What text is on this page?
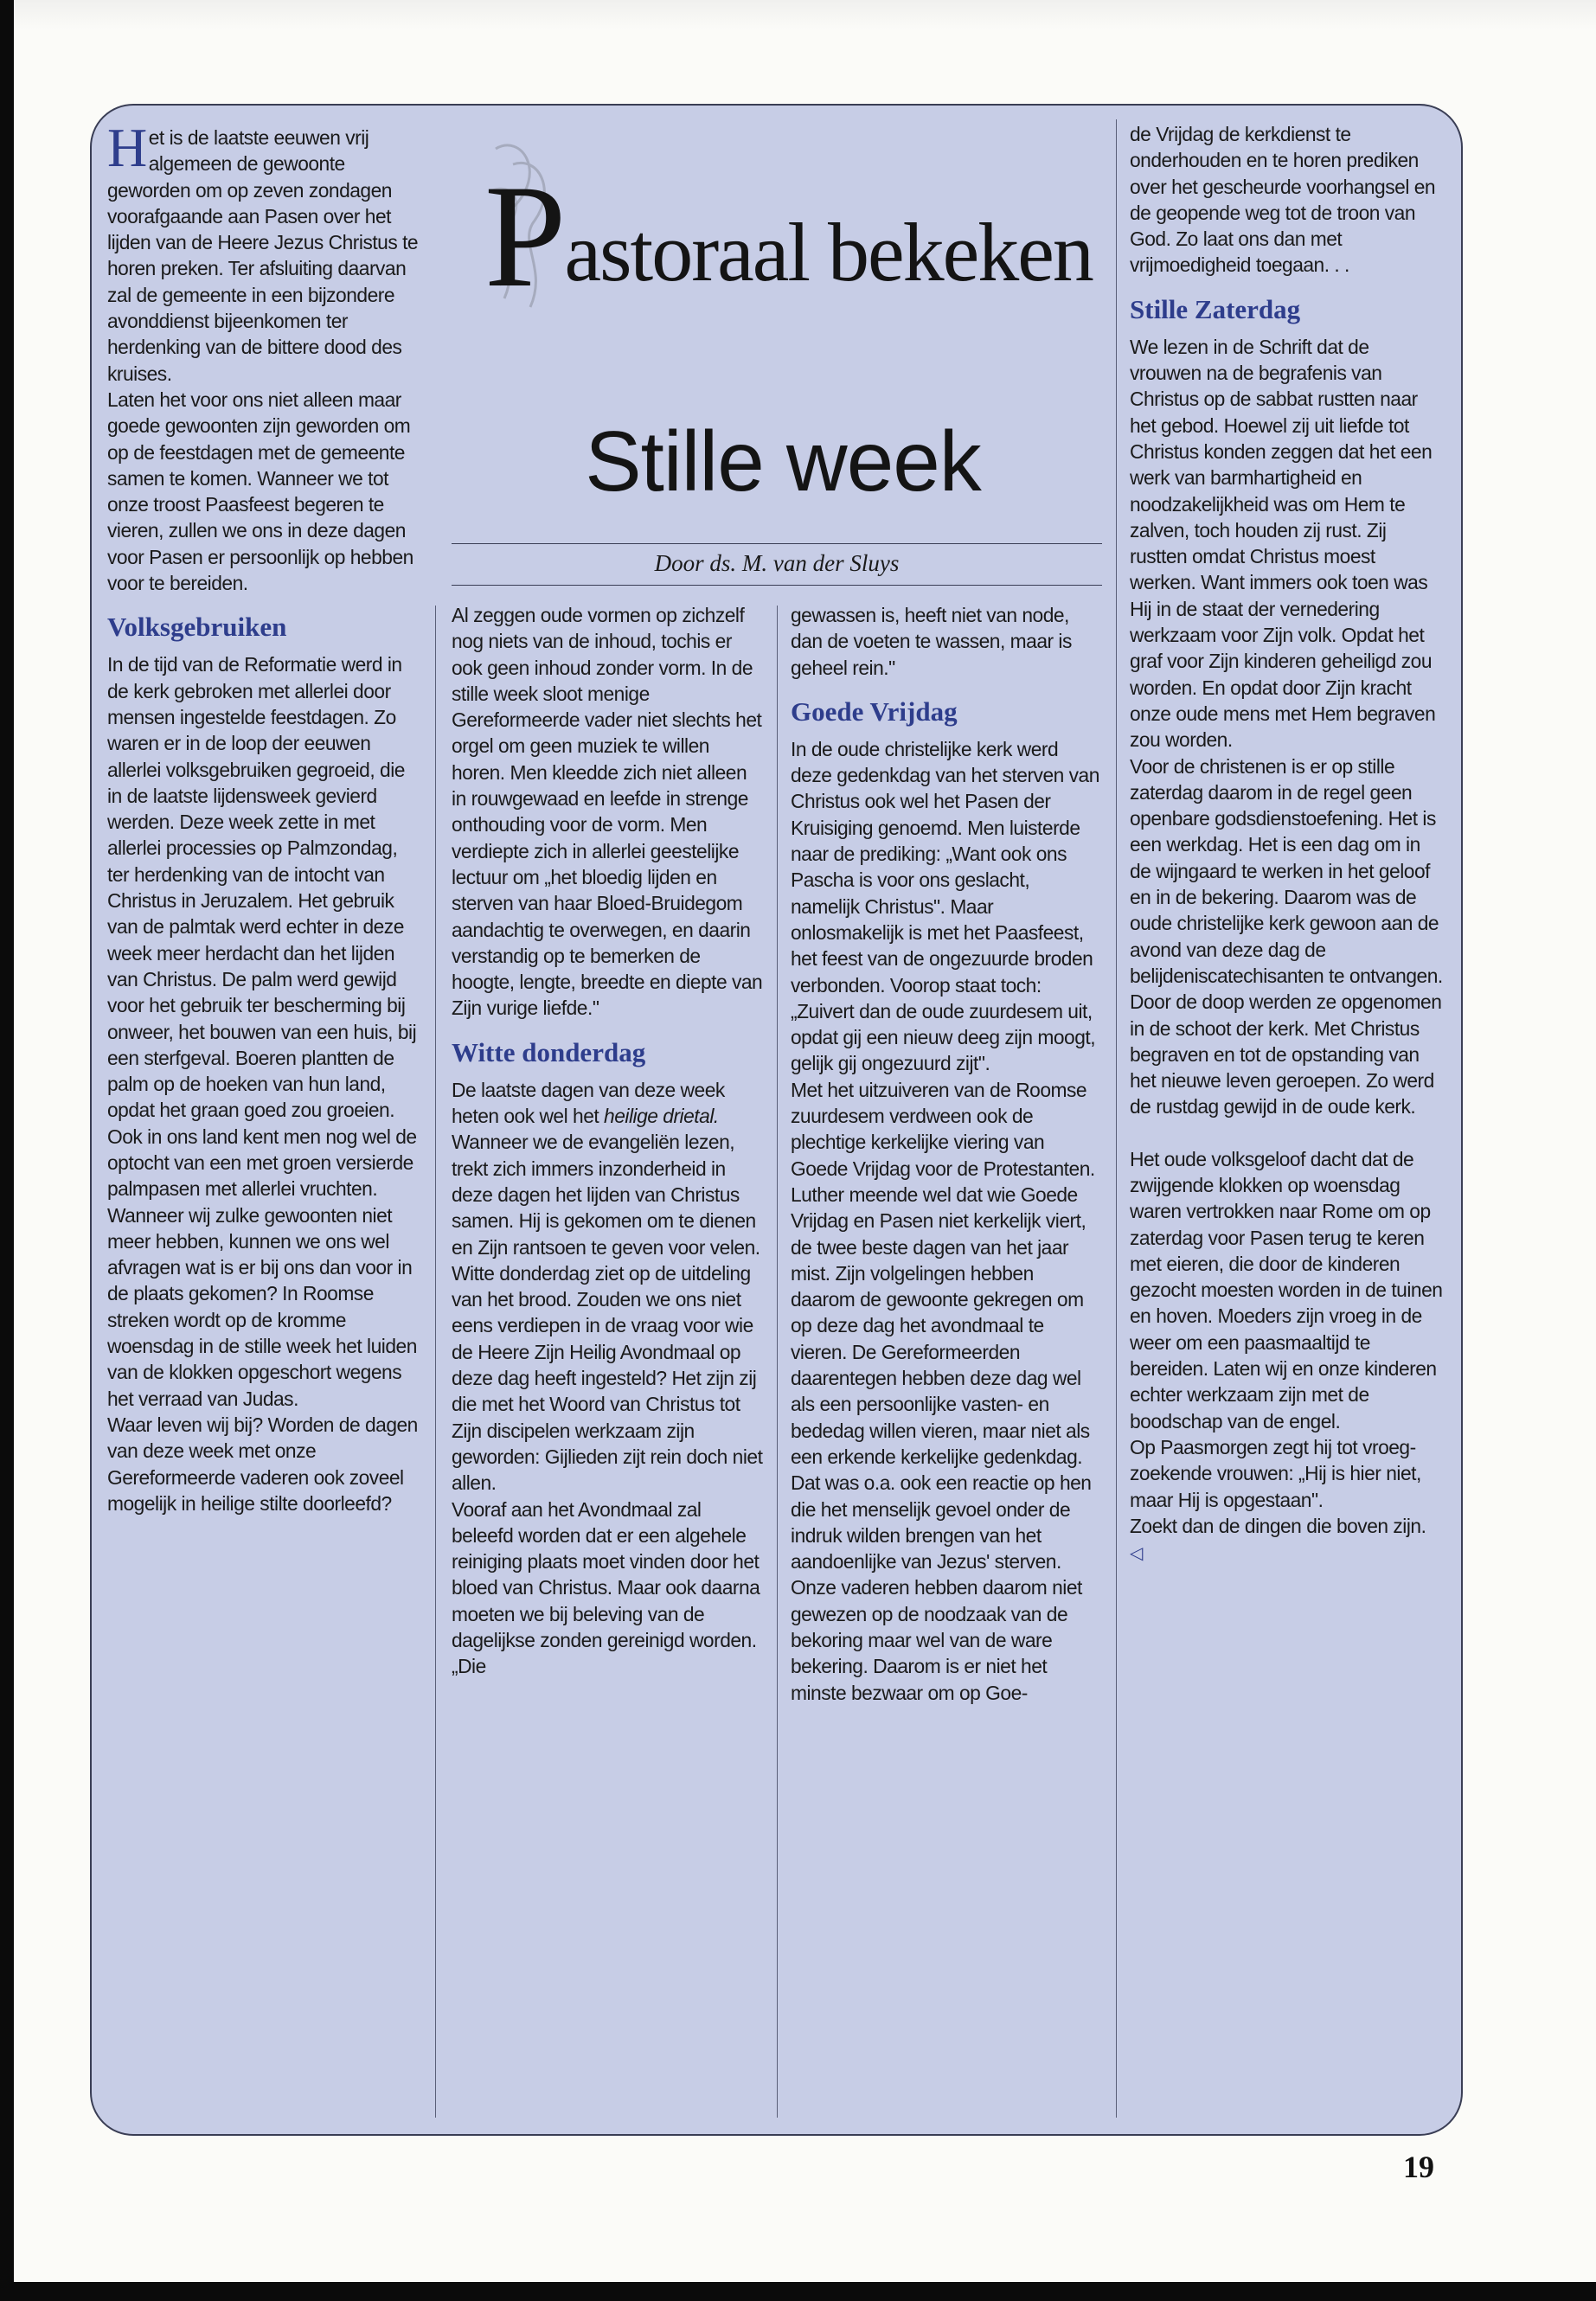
Pastoraal bekeken
Stille week
Door ds. M. van der Sluys

Het is de laatste eeuwen vrij algemeen de gewoonte geworden om op zeven zondagen voorafgaande aan Pasen over het lijden van de Heere Jezus Christus te horen preken. Ter afsluiting daarvan zal de gemeente in een bijzondere avonddienst bijeenkomen ter herdenking van de bittere dood des kruises.

Laten het voor ons niet alleen maar goede gewoonten zijn geworden om op de feestdagen met de gemeente samen te komen. Wanneer we tot onze troost Paasfeest begeren te vieren, zullen we ons in deze dagen voor Pasen er persoonlijk op hebben voor te bereiden.

Volksgebruiken

In de tijd van de Reformatie werd in de kerk gebroken met allerlei door mensen ingestelde feestdagen. Zo waren er in de loop der eeuwen allerlei volksgebruiken gegroeid, die in de laatste lijdensweek gevierd werden. Deze week zette in met allerlei processies op Palmzondag, ter herdenking van de intocht van Christus in Jeruzalem. Het gebruik van de palmtak werd echter in deze week meer herdacht dan het lijden van Christus. De palm werd gewijd voor het gebruik ter bescherming bij onweer, het bouwen van een huis, bij een sterfgeval. Boeren plantten de palm op de hoeken van hun land, opdat het graan goed zou groeien.

Ook in ons land kent men nog wel de optocht van een met groen versierde palmpasen met allerlei vruchten. Wanneer wij zulke gewoonten niet meer hebben, kunnen we ons wel afvragen wat is er bij ons dan voor in de plaats gekomen? In Roomse streken wordt op de kromme woensdag in de stille week het luiden van de klokken opgeschort wegens het verraad van Judas.

Waar leven wij bij? Worden de dagen van deze week met onze Gereformeerde vaderen ook zoveel mogelijk in heilige stilte doorleefd?

Al zeggen oude vormen op zichzelf nog niets van de inhoud, tochis er ook geen inhoud zonder vorm. In de stille week sloot menige Gereformeerde vader niet slechts het orgel om geen muziek te willen horen. Men kleedde zich niet alleen in rouwgewaad en leefde in strenge onthouding voor de vorm. Men verdiepte zich in allerlei geestelijke lectuur om „het bloedig lijden en sterven van haar Bloed-Bruidegom aandachtig te overwegen, en daarin verstandig op te bemerken de hoogte, lengte, breedte en diepte van Zijn vurige liefde."

Witte donderdag

De laatste dagen van deze week heten ook wel het heilige drietal.

Wanneer we de evangeliën lezen, trekt zich immers inzonderheid in deze dagen het lijden van Christus samen. Hij is gekomen om te dienen en Zijn rantsoen te geven voor velen. Witte donderdag ziet op de uitdeling van het brood. Zouden we ons niet eens verdiepen in de vraag voor wie de Heere Zijn Heilig Avondmaal op deze dag heeft ingesteld? Het zijn zij die met het Woord van Christus tot Zijn discipelen werkzaam zijn geworden: Gijlieden zijt rein doch niet allen.

Vooraf aan het Avondmaal zal beleefd worden dat er een algehele reiniging plaats moet vinden door het bloed van Christus. Maar ook daarna moeten we bij beleving van de dagelijkse zonden gereinigd worden. „Die

gewassen is, heeft niet van node, dan de voeten te wassen, maar is geheel rein."

Goede Vrijdag

In de oude christelijke kerk werd deze gedenkdag van het sterven van Christus ook wel het Pasen der Kruisiging genoemd. Men luisterde naar de prediking: „Want ook ons Pascha is voor ons geslacht, namelijk Christus". Maar onlosmakelijk is met het Paasfeest, het feest van de ongezuurde broden verbonden. Voorop staat toch: „Zuivert dan de oude zuurdesem uit, opdat gij een nieuw deeg zijn moogt, gelijk gij ongezuurd zijt".

Met het uitzuiveren van de Roomse zuurdesem verdween ook de plechtige kerkelijke viering van Goede Vrijdag voor de Protestanten. Luther meende wel dat wie Goede Vrijdag en Pasen niet kerkelijk viert, de twee beste dagen van het jaar mist. Zijn volgelingen hebben daarom de gewoonte gekregen om op deze dag het avondmaal te vieren. De Gereformeerden daarentegen hebben deze dag wel als een persoonlijke vasten- en bededag willen vieren, maar niet als een erkende kerkelijke gedenkdag. Dat was o.a. ook een reactie op hen die het menselijk gevoel onder de indruk wilden brengen van het aandoenlijke van Jezus' sterven.

Onze vaderen hebben daarom niet gewezen op de noodzaak van de bekoring maar wel van de ware bekering. Daarom is er niet het minste bezwaar om op Goe-

de Vrijdag de kerkdienst te onderhouden en te horen prediken over het gescheurde voorhangsel en de geopende weg tot de troon van God. Zo laat ons dan met vrijmoedigheid toegaan. . .

Stille Zaterdag

We lezen in de Schrift dat de vrouwen na de begrafenis van Christus op de sabbat rustten naar het gebod. Hoewel zij uit liefde tot Christus konden zeggen dat het een werk van barmhartigheid en noodzakelijkheid was om Hem te zalven, toch houden zij rust. Zij rustten omdat Christus moest werken. Want immers ook toen was Hij in de staat der vernedering werkzaam voor Zijn volk. Opdat het graf voor Zijn kinderen geheiligd zou worden. En opdat door Zijn kracht onze oude mens met Hem begraven zou worden.

Voor de christenen is er op stille zaterdag daarom in de regel geen openbare godsdienstoefening. Het is een werkdag. Het is een dag om in de wijngaard te werken in het geloof en in de bekering. Daarom was de oude christelijke kerk gewoon aan de avond van deze dag de belijdeniscatechisanten te ontvangen. Door de doop werden ze opgenomen in de schoot der kerk. Met Christus begraven en tot de opstanding van het nieuwe leven geroepen. Zo werd de rustdag gewijd in de oude kerk.

Het oude volksgeloof dacht dat de zwijgende klokken op woensdag waren vertrokken naar Rome om op zaterdag voor Pasen terug te keren met eieren, die door de kinderen gezocht moesten worden in de tuinen en hoven. Moeders zijn vroeg in de weer om een paasmaaltijd te bereiden. Laten wij en onze kinderen echter werkzaam zijn met de boodschap van de engel.

Op Paasmorgen zegt hij tot vroeg-zoekende vrouwen: „Hij is hier niet, maar Hij is opgestaan".

Zoekt dan de dingen die boven zijn. ◁

19
